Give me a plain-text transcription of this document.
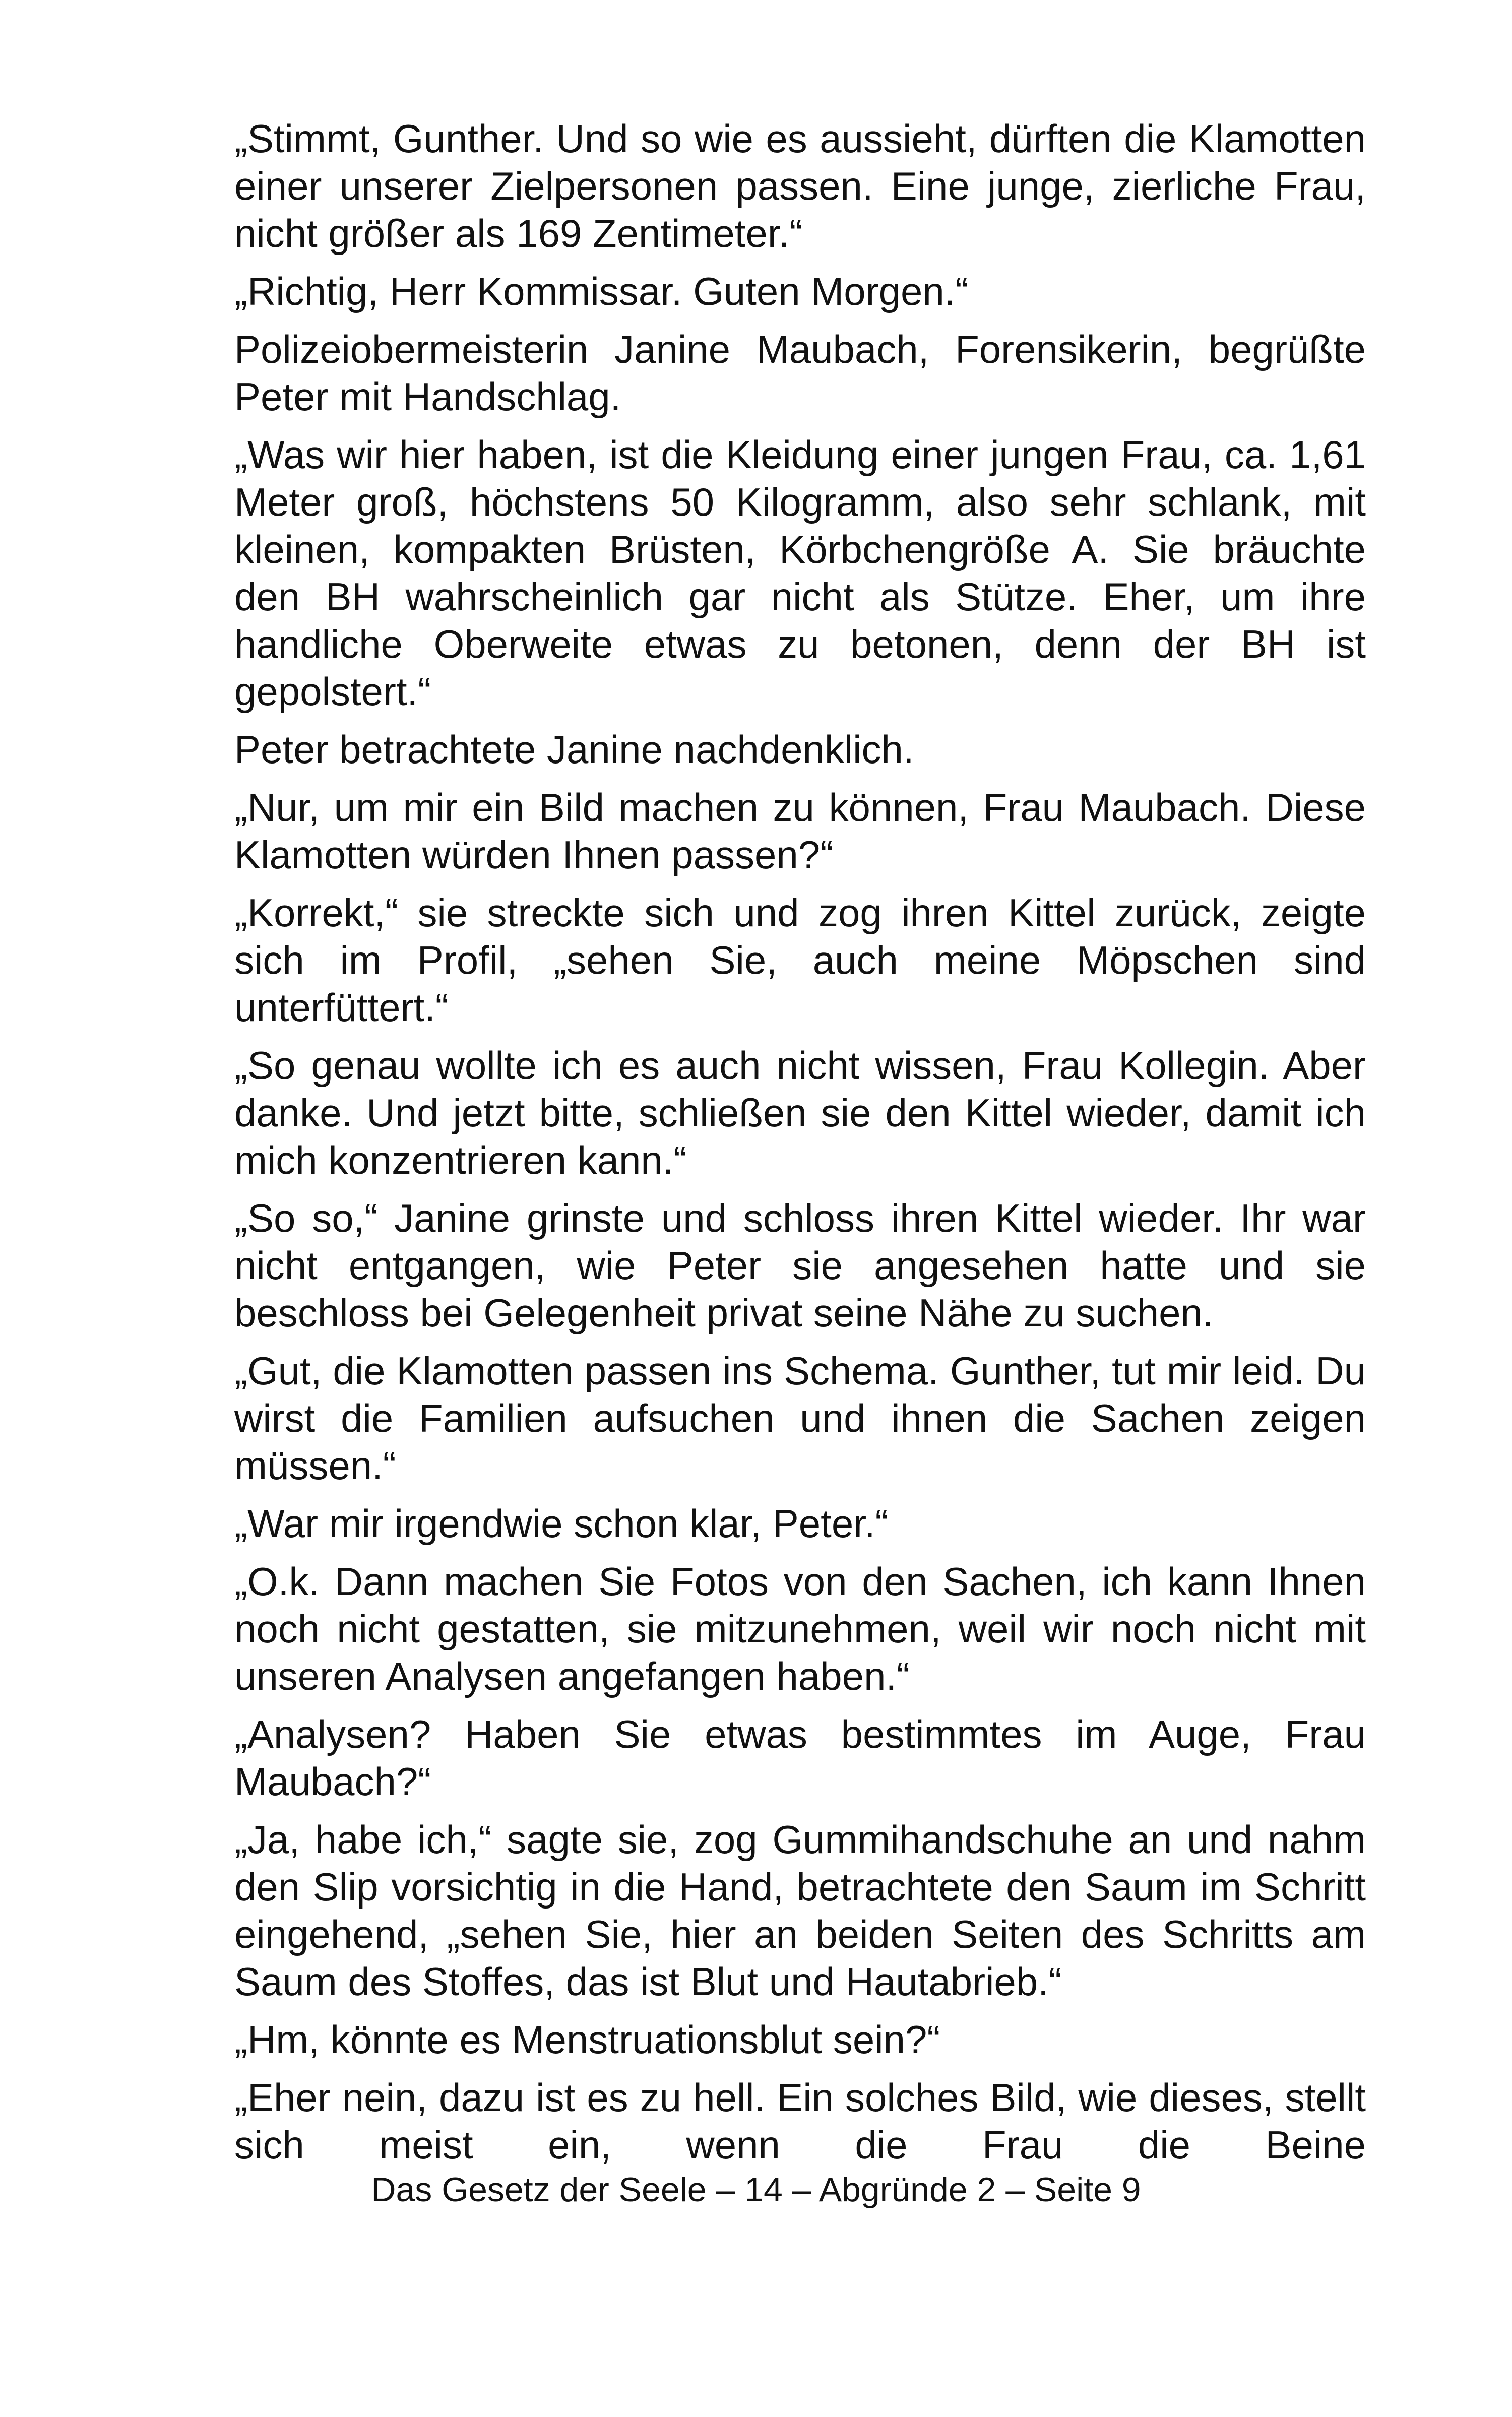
„Stimmt, Gunther. Und so wie es aussieht, dürften die Klamotten einer unserer Zielpersonen passen. Eine junge, zierliche Frau, nicht größer als 169 Zentimeter.“

„Richtig, Herr Kommissar. Guten Morgen.“

Polizeiobermeisterin Janine Maubach, Forensikerin, begrüßte Peter mit Handschlag.

„Was wir hier haben, ist die Kleidung einer jungen Frau, ca. 1,61 Meter groß, höchstens 50 Kilogramm, also sehr schlank, mit kleinen, kompakten Brüsten, Körbchengröße A. Sie bräuchte den BH wahrscheinlich gar nicht als Stütze. Eher, um ihre handliche Oberweite etwas zu betonen, denn der BH ist gepolstert.“

Peter betrachtete Janine nachdenklich.

„Nur, um mir ein Bild machen zu können, Frau Maubach. Diese Klamotten würden Ihnen passen?“

„Korrekt,“ sie streckte sich und zog ihren Kittel zurück, zeigte sich im Profil, „sehen Sie, auch meine Möpschen sind unterfüttert.“

„So genau wollte ich es auch nicht wissen, Frau Kollegin. Aber danke. Und jetzt bitte, schließen sie den Kittel wieder, damit ich mich konzentrieren kann.“

„So so,“ Janine grinste und schloss ihren Kittel wieder. Ihr war nicht entgangen, wie Peter sie angesehen hatte und sie beschloss bei Gelegenheit privat seine Nähe zu suchen.

„Gut, die Klamotten passen ins Schema. Gunther, tut mir leid. Du wirst die Familien aufsuchen und ihnen die Sachen zeigen müssen.“

„War mir irgendwie schon klar, Peter.“

„O.k. Dann machen Sie Fotos von den Sachen, ich kann Ihnen noch nicht gestatten, sie mitzunehmen, weil wir noch nicht mit unseren Analysen angefangen haben.“

„Analysen? Haben Sie etwas bestimmtes im Auge, Frau Maubach?“

„Ja, habe ich,“ sagte sie, zog Gummihandschuhe an und nahm den Slip vorsichtig in die Hand, betrachtete den Saum im Schritt eingehend, „sehen Sie, hier an beiden Seiten des Schritts am Saum des Stoffes, das ist Blut und Hautabrieb.“

„Hm, könnte es Menstruationsblut sein?“

„Eher nein, dazu ist es zu hell. Ein solches Bild, wie dieses, stellt sich meist ein, wenn die Frau die Beine

Das Gesetz der Seele – 14 – Abgründe 2 – Seite 9
